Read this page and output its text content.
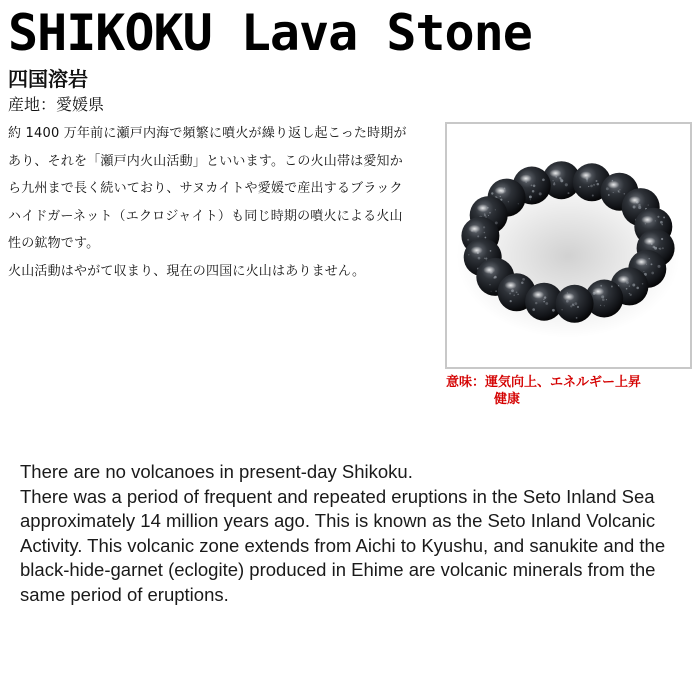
SHIKOKU Lava Stone
四国溶岩
産地：愛媛県

約 1400 万年前に瀬戸内海で頻繁に噴火が繰り返し起こった時期があり、それを「瀬戸内火山活動」といいます。この火山帯は愛知から九州まで長く続いており、サヌカイトや愛媛で産出するブラックハイドガーネット（エクロジャイト）も同じ時期の噴火による火山性の鉱物です。

火山活動はやがて収まり、現在の四国に火山はありません。

意味：運気向上、エネルギー上昇
健康

There are no volcanoes in present-day Shikoku.

There was a period of frequent and repeated eruptions in the Seto Inland Sea approximately 14 million years ago. This is known as the Seto Inland Volcanic Activity. This volcanic zone extends from Aichi to Kyushu, and sanukite and the black-hide-garnet (eclogite) produced in Ehime are volcanic minerals from the same period of eruptions.
